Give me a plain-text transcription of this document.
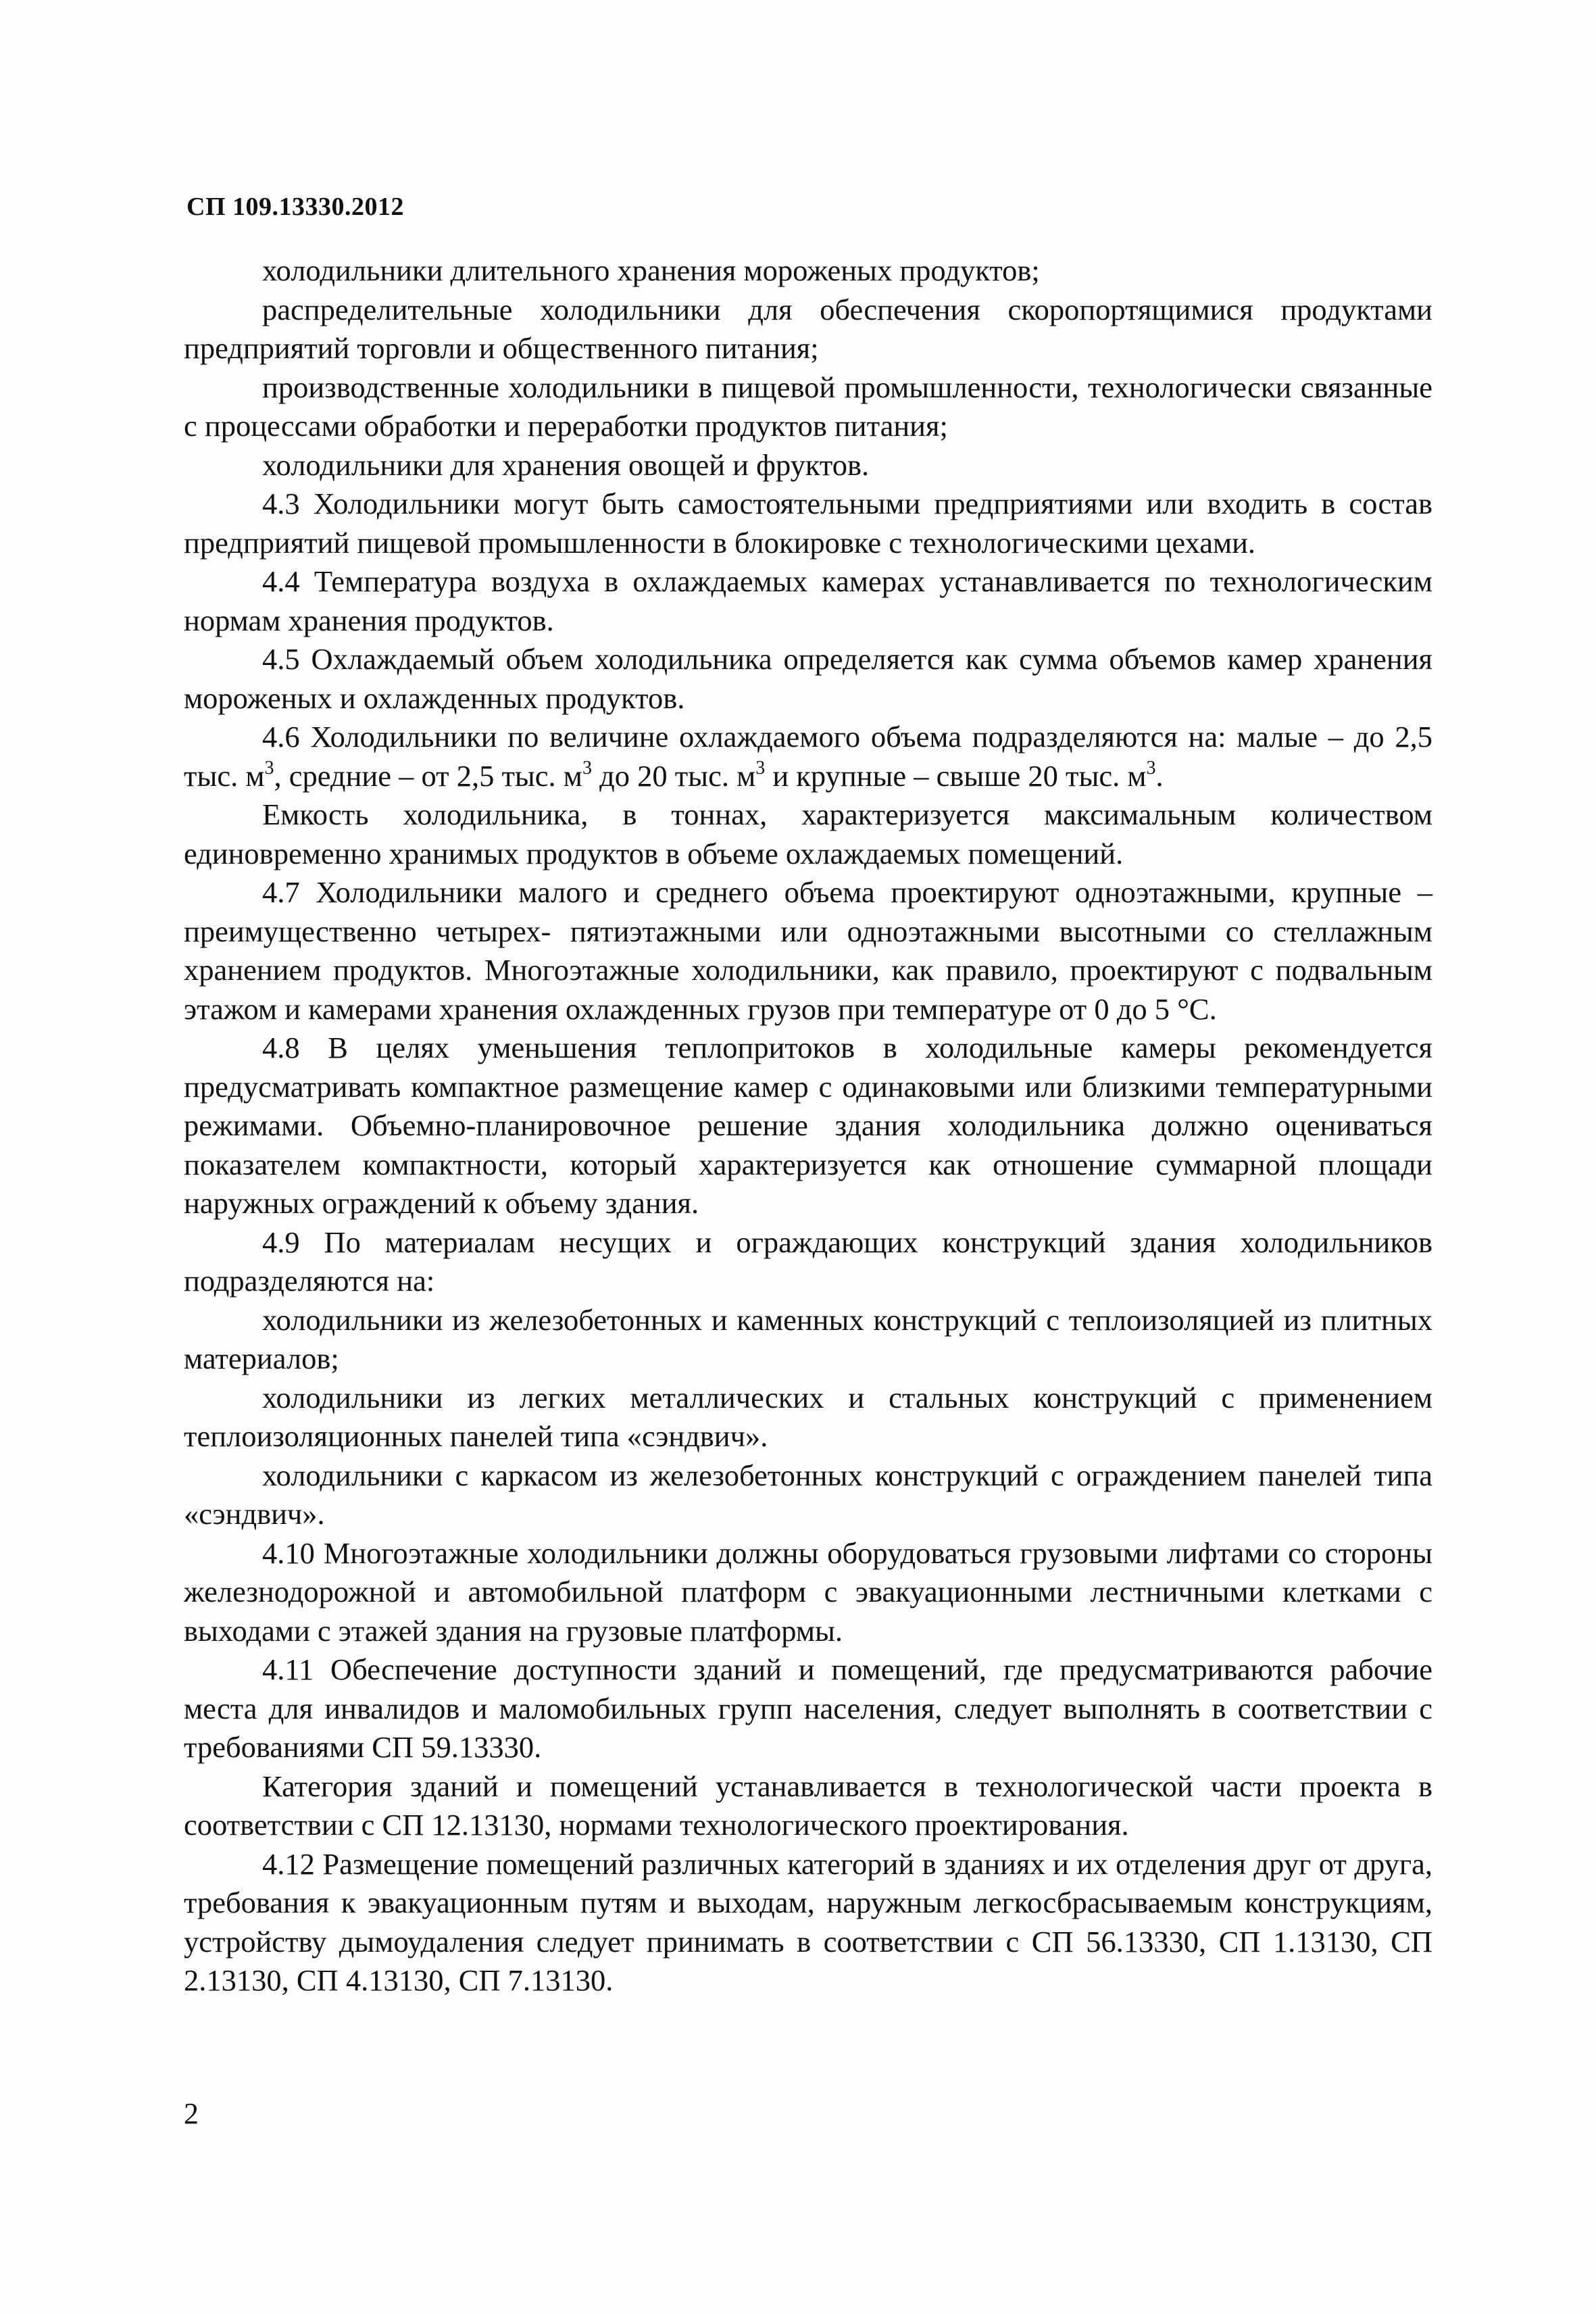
СП 109.13330.2012

холодильники длительного хранения мороженых продуктов;

распределительные холодильники для обеспечения скоропортящимися продуктами предприятий торговли и общественного питания;

производственные холодильники в пищевой промышленности, технологически связанные с процессами обработки и переработки продуктов питания;

холодильники для хранения овощей и фруктов.

4.3 Холодильники могут быть самостоятельными предприятиями или входить в состав предприятий пищевой промышленности в блокировке с технологическими цехами.

4.4 Температура воздуха в охлаждаемых камерах устанавливается по технологическим нормам хранения продуктов.

4.5 Охлаждаемый объем холодильника определяется как сумма объемов камер хранения мороженых и охлажденных продуктов.

4.6 Холодильники по величине охлаждаемого объема подразделяются на: малые – до 2,5 тыс. $м^3$, средние – от 2,5 тыс. $м^3$ до 20 тыс. $м^3$ и крупные – свыше 20 тыс. $м^3$.

Емкость холодильника, в тоннах, характеризуется максимальным количеством единовременно хранимых продуктов в объеме охлаждаемых помещений.

4.7 Холодильники малого и среднего объема проектируют одноэтажными, крупные – преимущественно четырех- пятиэтажными или одноэтажными высотными со стеллажным хранением продуктов. Многоэтажные холодильники, как правило, проектируют с подвальным этажом и камерами хранения охлажденных грузов при температуре от 0 до 5 °С.

4.8 В целях уменьшения теплопритоков в холодильные камеры рекомендуется предусматривать компактное размещение камер с одинаковыми или близкими температурными режимами. Объемно-планировочное решение здания холодильника должно оцениваться показателем компактности, который характеризуется как отношение суммарной площади наружных ограждений к объему здания.

4.9 По материалам несущих и ограждающих конструкций здания холодильников подразделяются на:

холодильники из железобетонных и каменных конструкций с теплоизоляцией из плитных материалов;

холодильники из легких металлических и стальных конструкций с применением теплоизоляционных панелей типа «сэндвич».

холодильники с каркасом из железобетонных конструкций с ограждением панелей типа «сэндвич».

4.10 Многоэтажные холодильники должны оборудоваться грузовыми лифтами со стороны железнодорожной и автомобильной платформ с эвакуационными лестничными клетками с выходами с этажей здания на грузовые платформы.

4.11 Обеспечение доступности зданий и помещений, где предусматриваются рабочие места для инвалидов и маломобильных групп населения, следует выполнять в соответствии с требованиями СП 59.13330.

Категория зданий и помещений устанавливается в технологической части проекта в соответствии с СП 12.13130, нормами технологического проектирования.

4.12 Размещение помещений различных категорий в зданиях и их отделения друг от друга, требования к эвакуационным путям и выходам, наружным легкосбрасываемым конструкциям, устройству дымоудаления следует принимать в соответствии с СП 56.13330, СП 1.13130, СП 2.13130, СП 4.13130, СП 7.13130.

2
